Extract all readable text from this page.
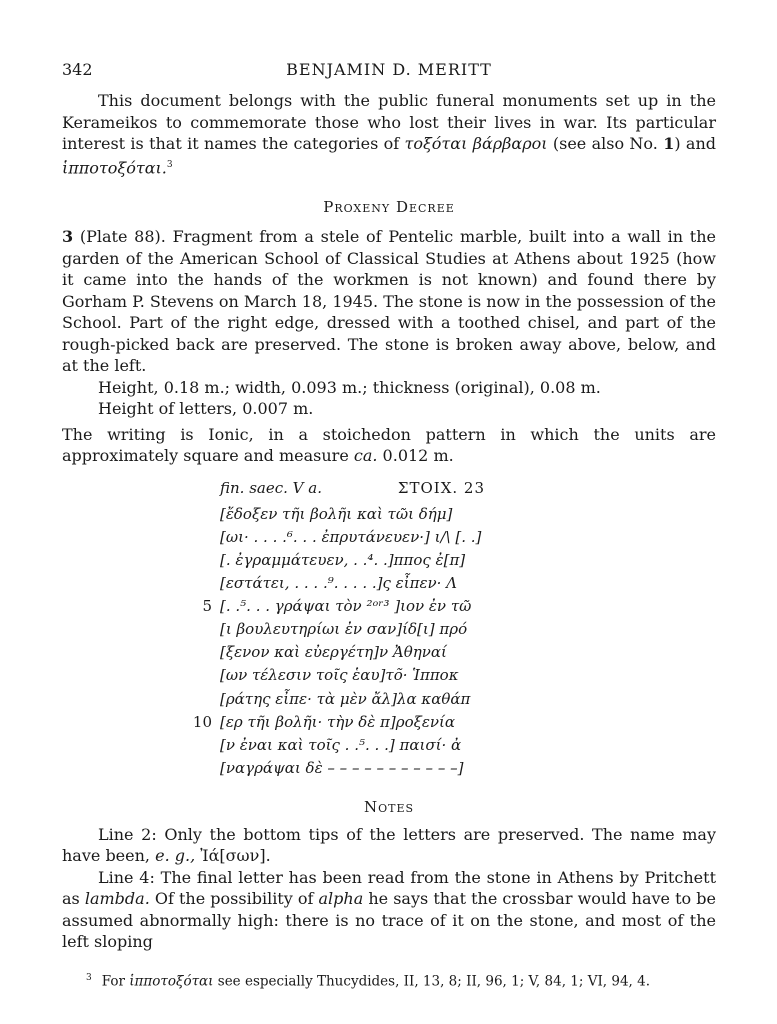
342	BENJAMIN D. MERITT

This document belongs with the public funeral monuments set up in the Kerameikos to commemorate those who lost their lives in war. Its particular interest is that it names the categories of τοξόται βάρβαροι (see also No. 1) and ἱπποτοξόται.$^3$

Proxeny Decree

3 (Plate 88). Fragment from a stele of Pentelic marble, built into a wall in the garden of the American School of Classical Studies at Athens about 1925 (how it came into the hands of the workmen is not known) and found there by Gorham P. Stevens on March 18, 1945. The stone is now in the possession of the School. Part of the right edge, dressed with a toothed chisel, and part of the rough-picked back are preserved. The stone is broken away above, below, and at the left.

Height, 0.18 m.; width, 0.093 m.; thickness (original), 0.08 m.
Height of letters, 0.007 m.

The writing is Ionic, in a stoichedon pattern in which the units are approximately square and measure ca. 0.012 m.

fin. saec. V a.	ΣΤΟΙΧ. 23
[ἔδοξεν τῆι βολῆι καὶ τῶι δήμ]
[ωι· . . . .⁶. . . ἐπρυτάνευεν·] ι/\ [. .]
[. ἐγραμμάτευεν, . .⁴. .]ππος ἐ[π]
[εστάτει, . . . .⁹. . . . .]ς εἶπεν· Λ
5 [. .⁵. . . γράψαι τὸν ²ᵒʳ³ ]ιον ἐν τῶ
[ι βουλευτηρίωι ἐν σαν]ίδ[ι] πρό
[ξενον καὶ εὐεργέτη]ν Ἀθηναί
[ων τέλεσιν τοῖς ἑαυ]τõ· Ἱπποκ
[ράτης εἶπε· τὰ μὲν ἄλ]λα καθάπ
10 [ερ τῆι βολῆι· τὴν δὲ π]ροξενία
[ν ἐναι καὶ τοῖς . .⁵. . .] παισί· ἀ
[ναγράψαι δὲ – – – – – – – – – – –]
Notes

Line 2: Only the bottom tips of the letters are preserved. The name may have been, e. g., Ἰά[σων].

Line 4: The final letter has been read from the stone in Athens by Pritchett as lambda. Of the possibility of alpha he says that the crossbar would have to be assumed abnormally high: there is no trace of it on the stone, and most of the left sloping

$^3$ For ἱπποτοξόται see especially Thucydides, II, 13, 8; II, 96, 1; V, 84, 1; VI, 94, 4.
